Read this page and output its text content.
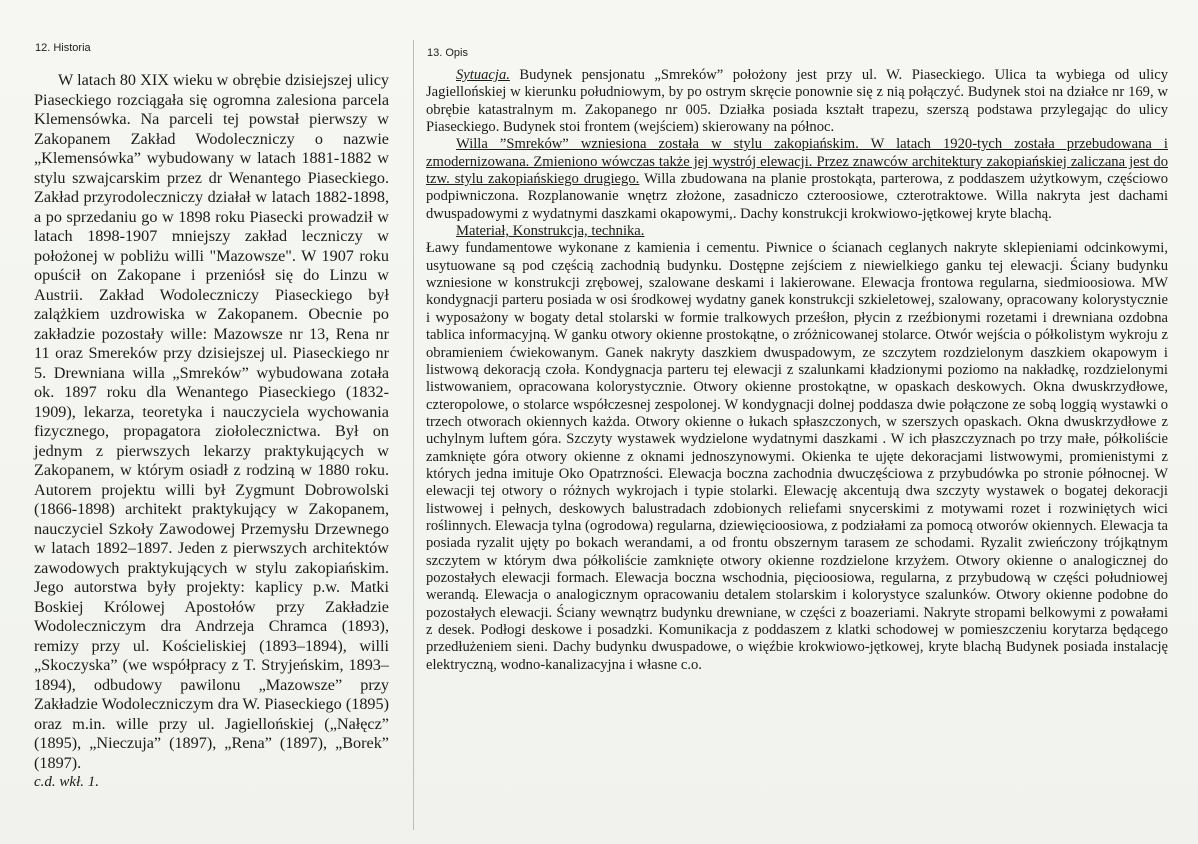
12. Historia	13. Opis
W latach 80 XIX wieku w obrębie dzisiejszej ulicy Piaseckiego rozciągała się ogromna zalesiona parcela Klemensówka. Na parceli tej powstał pierwszy w Zakopanem Zakład Wodoleczniczy o nazwie „Klemensówka” wybudowany w latach 1881-1882 w stylu szwajcarskim przez dr Wenantego Piaseckiego. Zakład przyrodoleczniczy działał w latach 1882-1898, a po sprzedaniu go w 1898 roku Piasecki prowadził w latach 1898-1907 mniejszy zakład leczniczy w położonej w pobliżu willi "Mazowsze". W 1907 roku opuścił on Zakopane i przeniósł się do Linzu w Austrii. Zakład Wodoleczniczy Piaseckiego był zalążkiem uzdrowiska w Zakopanem. Obecnie po zakładzie pozostały wille: Mazowsze nr 13, Rena nr 11 oraz Smereków przy dzisiejszej ul. Piaseckiego nr 5. Drewniana willa „Smreków” wybudowana zotała ok. 1897 roku dla Wenantego Piaseckiego (1832-1909), lekarza, teoretyka i nauczyciela wychowania fizycznego, propagatora ziołolecznictwa. Był on jednym z pierwszych lekarzy praktykujących w Zakopanem, w którym osiadł z rodziną w 1880 roku. Autorem projektu willi był Zygmunt Dobrowolski (1866-1898) architekt praktykujący w Zakopanem, nauczyciel Szkoły Zawodowej Przemysłu Drzewnego w latach 1892–1897. Jeden z pierwszych architektów zawodowych praktykujących w stylu zakopiańskim. Jego autorstwa były projekty: kaplicy p.w. Matki Boskiej Królowej Apostołów przy Zakładzie Wodoleczniczym dra Andrzeja Chramca (1893), remizy przy ul. Kościeliskiej (1893–1894), willi „Skoczyska” (we współpracy z T. Stryjeńskim, 1893–1894), odbudowy pawilonu „Mazowsze” przy Zakładzie Wodoleczniczym dra W. Piaseckiego (1895) oraz m.in. wille przy ul. Jagiellońskiej („Nałęcz” (1895), „Nieczuja” (1897), „Rena” (1897), „Borek” (1897).
c.d. wkł. 1.

Sytuacja. Budynek pensjonatu „Smreków” położony jest przy ul. W. Piaseckiego. Ulica ta wybiega od ulicy Jagiellońskiej w kierunku południowym, by po ostrym skręcie ponownie się z nią połączyć. Budynek stoi na działce nr 169, w obrębie katastralnym m. Zakopanego nr 005. Działka posiada kształt trapezu, szerszą podstawa przylegając do ulicy Piaseckiego. Budynek stoi frontem (wejściem) skierowany na północ.

Willa ”Smreków” wzniesiona została w stylu zakopiańskim. W latach 1920-tych została przebudowana i zmodernizowana. Zmieniono wówczas także jej wystrój elewacji. Przez znawców architektury zakopiańskiej zaliczana jest do tzw. stylu zakopiańskiego drugiego. Willa zbudowana na planie prostokąta, parterowa, z poddaszem użytkowym, częściowo podpiwniczona. Rozplanowanie wnętrz złożone, zasadniczo czteroosiowe, czterotraktowe. Willa nakryta jest dachami dwuspadowymi z wydatnymi daszkami okapowymi,. Dachy konstrukcji krokwiowo-jętkowej kryte blachą.

Materiał, Konstrukcja, technika.

Ławy fundamentowe wykonane z kamienia i cementu. Piwnice o ścianach ceglanych nakryte sklepieniami odcinkowymi, usytuowane są pod częścią zachodnią budynku. Dostępne zejściem z niewielkiego ganku tej elewacji. Ściany budynku wzniesione w konstrukcji zrębowej, szalowane deskami i lakierowane. Elewacja frontowa regularna, siedmioosiowa. MW kondygnacji parteru posiada w osi środkowej wydatny ganek konstrukcji szkieletowej, szalowany, opracowany kolorystycznie i wyposażony w bogaty detal stolarski w formie tralkowych prześłon, płycin z rzeźbionymi rozetami i drewniana ozdobna tablica informacyjną. W ganku otwory okienne prostokątne, o zróżnicowanej stolarce. Otwór wejścia o półkolistym wykroju z obramieniem ćwiekowanym. Ganek nakryty daszkiem dwuspadowym, ze szczytem rozdzielonym daszkiem okapowym i listwową dekoracją czoła. Kondygnacja parteru tej elewacji z szalunkami kładzionymi poziomo na nakładkę, rozdzielonymi listwowaniem, opracowana kolorystycznie. Otwory okienne prostokątne, w opaskach deskowych. Okna dwuskrzydłowe, czteropolowe, o stolarce współczesnej zespolonej. W kondygnacji dolnej poddasza dwie połączone ze sobą loggią wystawki o trzech otworach okiennych każda. Otwory okienne o łukach spłaszczonych, w szerszych opaskach. Okna dwuskrzydłowe z uchylnym luftem góra. Szczyty wystawek wydzielone wydatnymi daszkami . W ich płaszczyznach po trzy małe, półkoliście zamknięte góra otwory okienne z oknami jednoszynowymi. Okienka te ujęte dekoracjami listwowymi, promienistymi z których jedna imituje Oko Opatrzności. Elewacja boczna zachodnia dwuczęściowa z przybudówka po stronie północnej. W elewacji tej otwory o różnych wykrojach i typie stolarki. Elewację akcentują dwa szczyty wystawek o bogatej dekoracji listwowej i pełnych, deskowych balustradach zdobionych reliefami snycerskimi z motywami rozet i rozwiniętych wici roślinnych. Elewacja tylna (ogrodowa) regularna, dziewięcioosiowa, z podziałami za pomocą otworów okiennych. Elewacja ta posiada ryzalit ujęty po bokach werandami, a od frontu obszernym tarasem ze schodami. Ryzalit zwieńczony trójkątnym szczytem w którym dwa półkoliście zamknięte otwory okienne rozdzielone krzyżem. Otwory okienne o analogicznej do pozostałych elewacji formach. Elewacja boczna wschodnia, pięcioosiowa, regularna, z przybudową w części południowej werandą. Elewacja o analogicznym opracowaniu detalem stolarskim i kolorystyce szalunków. Otwory okienne podobne do pozostałych elewacji. Ściany wewnątrz budynku drewniane, w części z boazeriami. Nakryte stropami belkowymi z powałami z desek. Podłogi deskowe i posadzki. Komunikacja z poddaszem z klatki schodowej w pomieszczeniu korytarza będącego przedłużeniem sieni. Dachy budynku dwuspadowe, o więźbie krokwiowo-jętkowej, kryte blachą Budynek posiada instalację elektryczną, wodno-kanalizacyjna i własne c.o.
